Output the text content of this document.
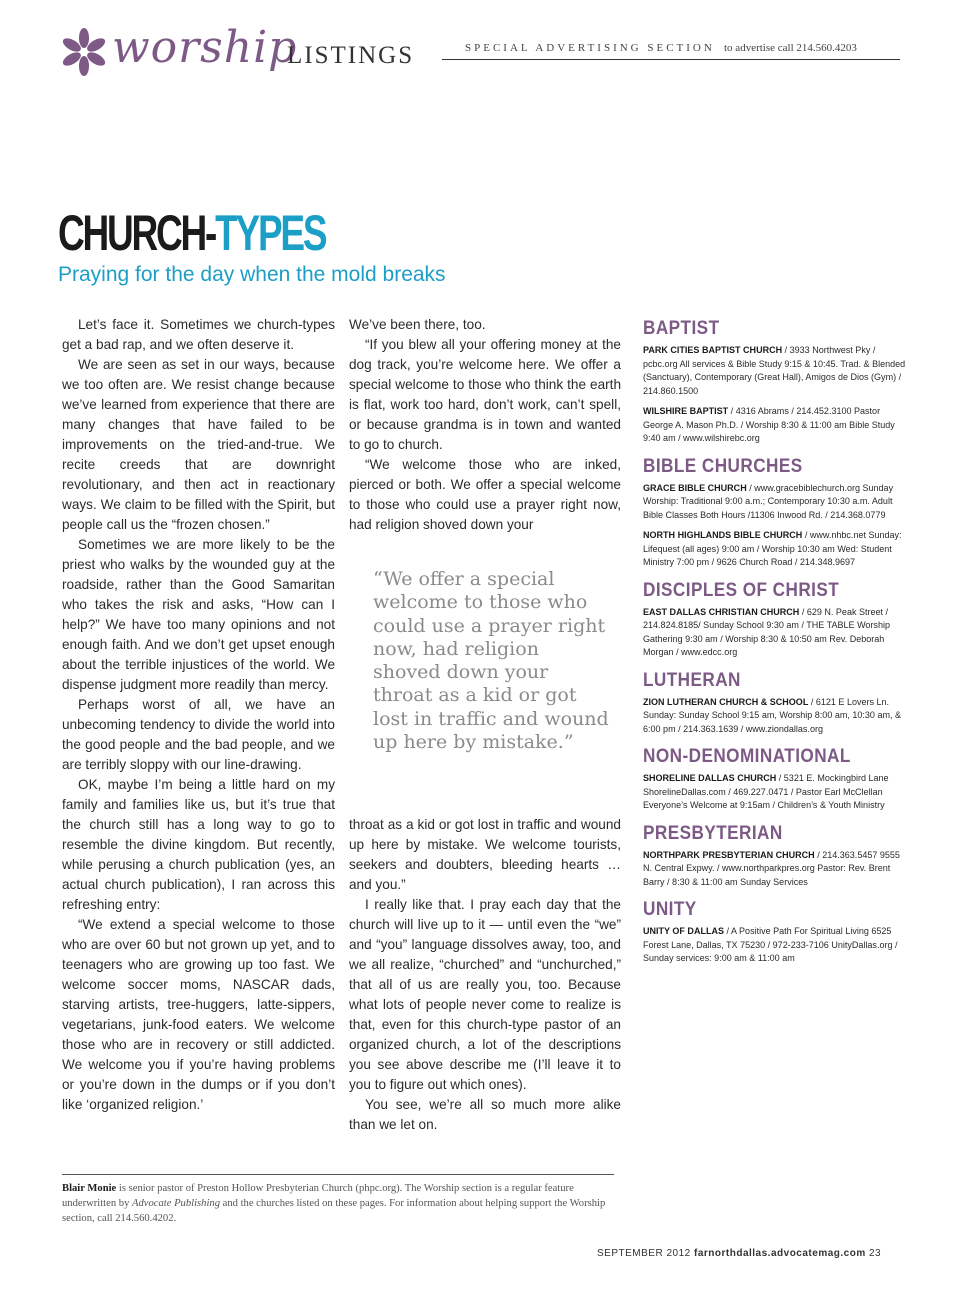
worship
LISTINGS	SPECIAL ADVERTISING SECTION to advertise call 214.560.4203
CHURCH-TYPES
Praying for the day when the mold breaks

Let’s face it. Sometimes we church-types get a bad rap, and we often deserve it.

We are seen as set in our ways, because we too often are. We resist change because we’ve learned from experience that there are many changes that have failed to be improvements on the tried-and-true. We recite creeds that are downright revolutionary, and then act in reactionary ways. We claim to be filled with the Spirit, but people call us the “frozen chosen.”

Sometimes we are more likely to be the priest who walks by the wounded guy at the roadside, rather than the Good Samaritan who takes the risk and asks, “How can I help?” We have too many opinions and not enough faith. And we don’t get upset enough about the terrible injustices of the world. We dispense judgment more readily than mercy.

Perhaps worst of all, we have an unbecoming tendency to divide the world into the good people and the bad people, and we are terribly sloppy with our line-drawing.

OK, maybe I’m being a little hard on my family and families like us, but it’s true that the church still has a long way to go to resemble the divine kingdom. But recently, while perusing a church publication (yes, an actual church publication), I ran across this refreshing entry:

“We extend a special welcome to those who are over 60 but not grown up yet, and to teenagers who are growing up too fast. We welcome soccer moms, NASCAR dads, starving artists, tree-huggers, latte-sippers, vegetarians, junk-food eaters. We welcome those who are in recovery or still addicted. We welcome you if you’re having problems or you’re down in the dumps or if you don’t like ‘organized religion.’

We’ve been there, too.

“If you blew all your offering money at the dog track, you’re welcome here. We offer a special welcome to those who think the earth is flat, work too hard, don’t work, can’t spell, or because grandma is in town and wanted to go to church.

“We welcome those who are inked, pierced or both. We offer a special welcome to those who could use a prayer right now, had religion shoved down your

“We offer a special welcome to those who could use a prayer right now, had religion shoved down your throat as a kid or got lost in traffic and wound up here by mistake.”

throat as a kid or got lost in traffic and wound up here by mistake. We welcome tourists, seekers and doubters, bleeding hearts … and you.”

I really like that. I pray each day that the church will live up to it — until even the “we” and “you” language dissolves away, too, and we all realize, “churched” and “unchurched,” that all of us are really you, too. Because what lots of people never come to realize is that, even for this church-type pastor of an organized church, a lot of the descriptions you see above describe me (I’ll leave it to you to figure out which ones).

You see, we’re all so much more alike than we let on.

Blair Monie is senior pastor of Preston Hollow Presbyterian Church (phpc.org). The Worship section is a regular feature underwritten by Advocate Publishing and the churches listed on these pages. For information about helping support the Worship section, call 214.560.4202.
SEPTEMBER 2012 farnorthdallas.advocatemag.com 23
BAPTIST
PARK CITIES BAPTIST CHURCH / 3933 Northwest Pky / pcbc.org All services & Bible Study 9:15 & 10:45. Trad. & Blended (Sanctuary), Contemporary (Great Hall), Amigos de Dios (Gym) / 214.860.1500
WILSHIRE BAPTIST / 4316 Abrams / 214.452.3100 Pastor George A. Mason Ph.D. / Worship 8:30 & 11:00 am Bible Study 9:40 am / www.wilshirebc.org
BIBLE CHURCHES
GRACE BIBLE CHURCH / www.gracebiblechurch.org Sunday Worship: Traditional 9:00 a.m.; Contemporary 10:30 a.m. Adult Bible Classes Both Hours /11306 Inwood Rd. / 214.368.0779
NORTH HIGHLANDS BIBLE CHURCH / www.nhbc.net Sunday: Lifequest (all ages) 9:00 am / Worship 10:30 am Wed: Student Ministry 7:00 pm / 9626 Church Road / 214.348.9697
DISCIPLES OF CHRIST
EAST DALLAS CHRISTIAN CHURCH / 629 N. Peak Street / 214.824.8185/ Sunday School 9:30 am / THE TABLE Worship Gathering 9:30 am / Worship 8:30 & 10:50 am Rev. Deborah Morgan / www.edcc.org
LUTHERAN
ZION LUTHERAN CHURCH & SCHOOL / 6121 E Lovers Ln. Sunday: Sunday School 9:15 am, Worship 8:00 am, 10:30 am, & 6:00 pm / 214.363.1639 / www.ziondallas.org
NON-DENOMINATIONAL
SHORELINE DALLAS CHURCH / 5321 E. Mockingbird Lane ShorelineDallas.com / 469.227.0471 / Pastor Earl McClellan Everyone’s Welcome at 9:15am / Children’s & Youth Ministry
PRESBYTERIAN
NORTHPARK PRESBYTERIAN CHURCH / 214.363.5457 9555 N. Central Expwy. / www.northparkpres.org Pastor: Rev. Brent Barry / 8:30 & 11:00 am Sunday Services
UNITY
UNITY OF DALLAS / A Positive Path For Spiritual Living 6525 Forest Lane, Dallas, TX 75230 / 972-233-7106 UnityDallas.org / Sunday services: 9:00 am & 11:00 am
